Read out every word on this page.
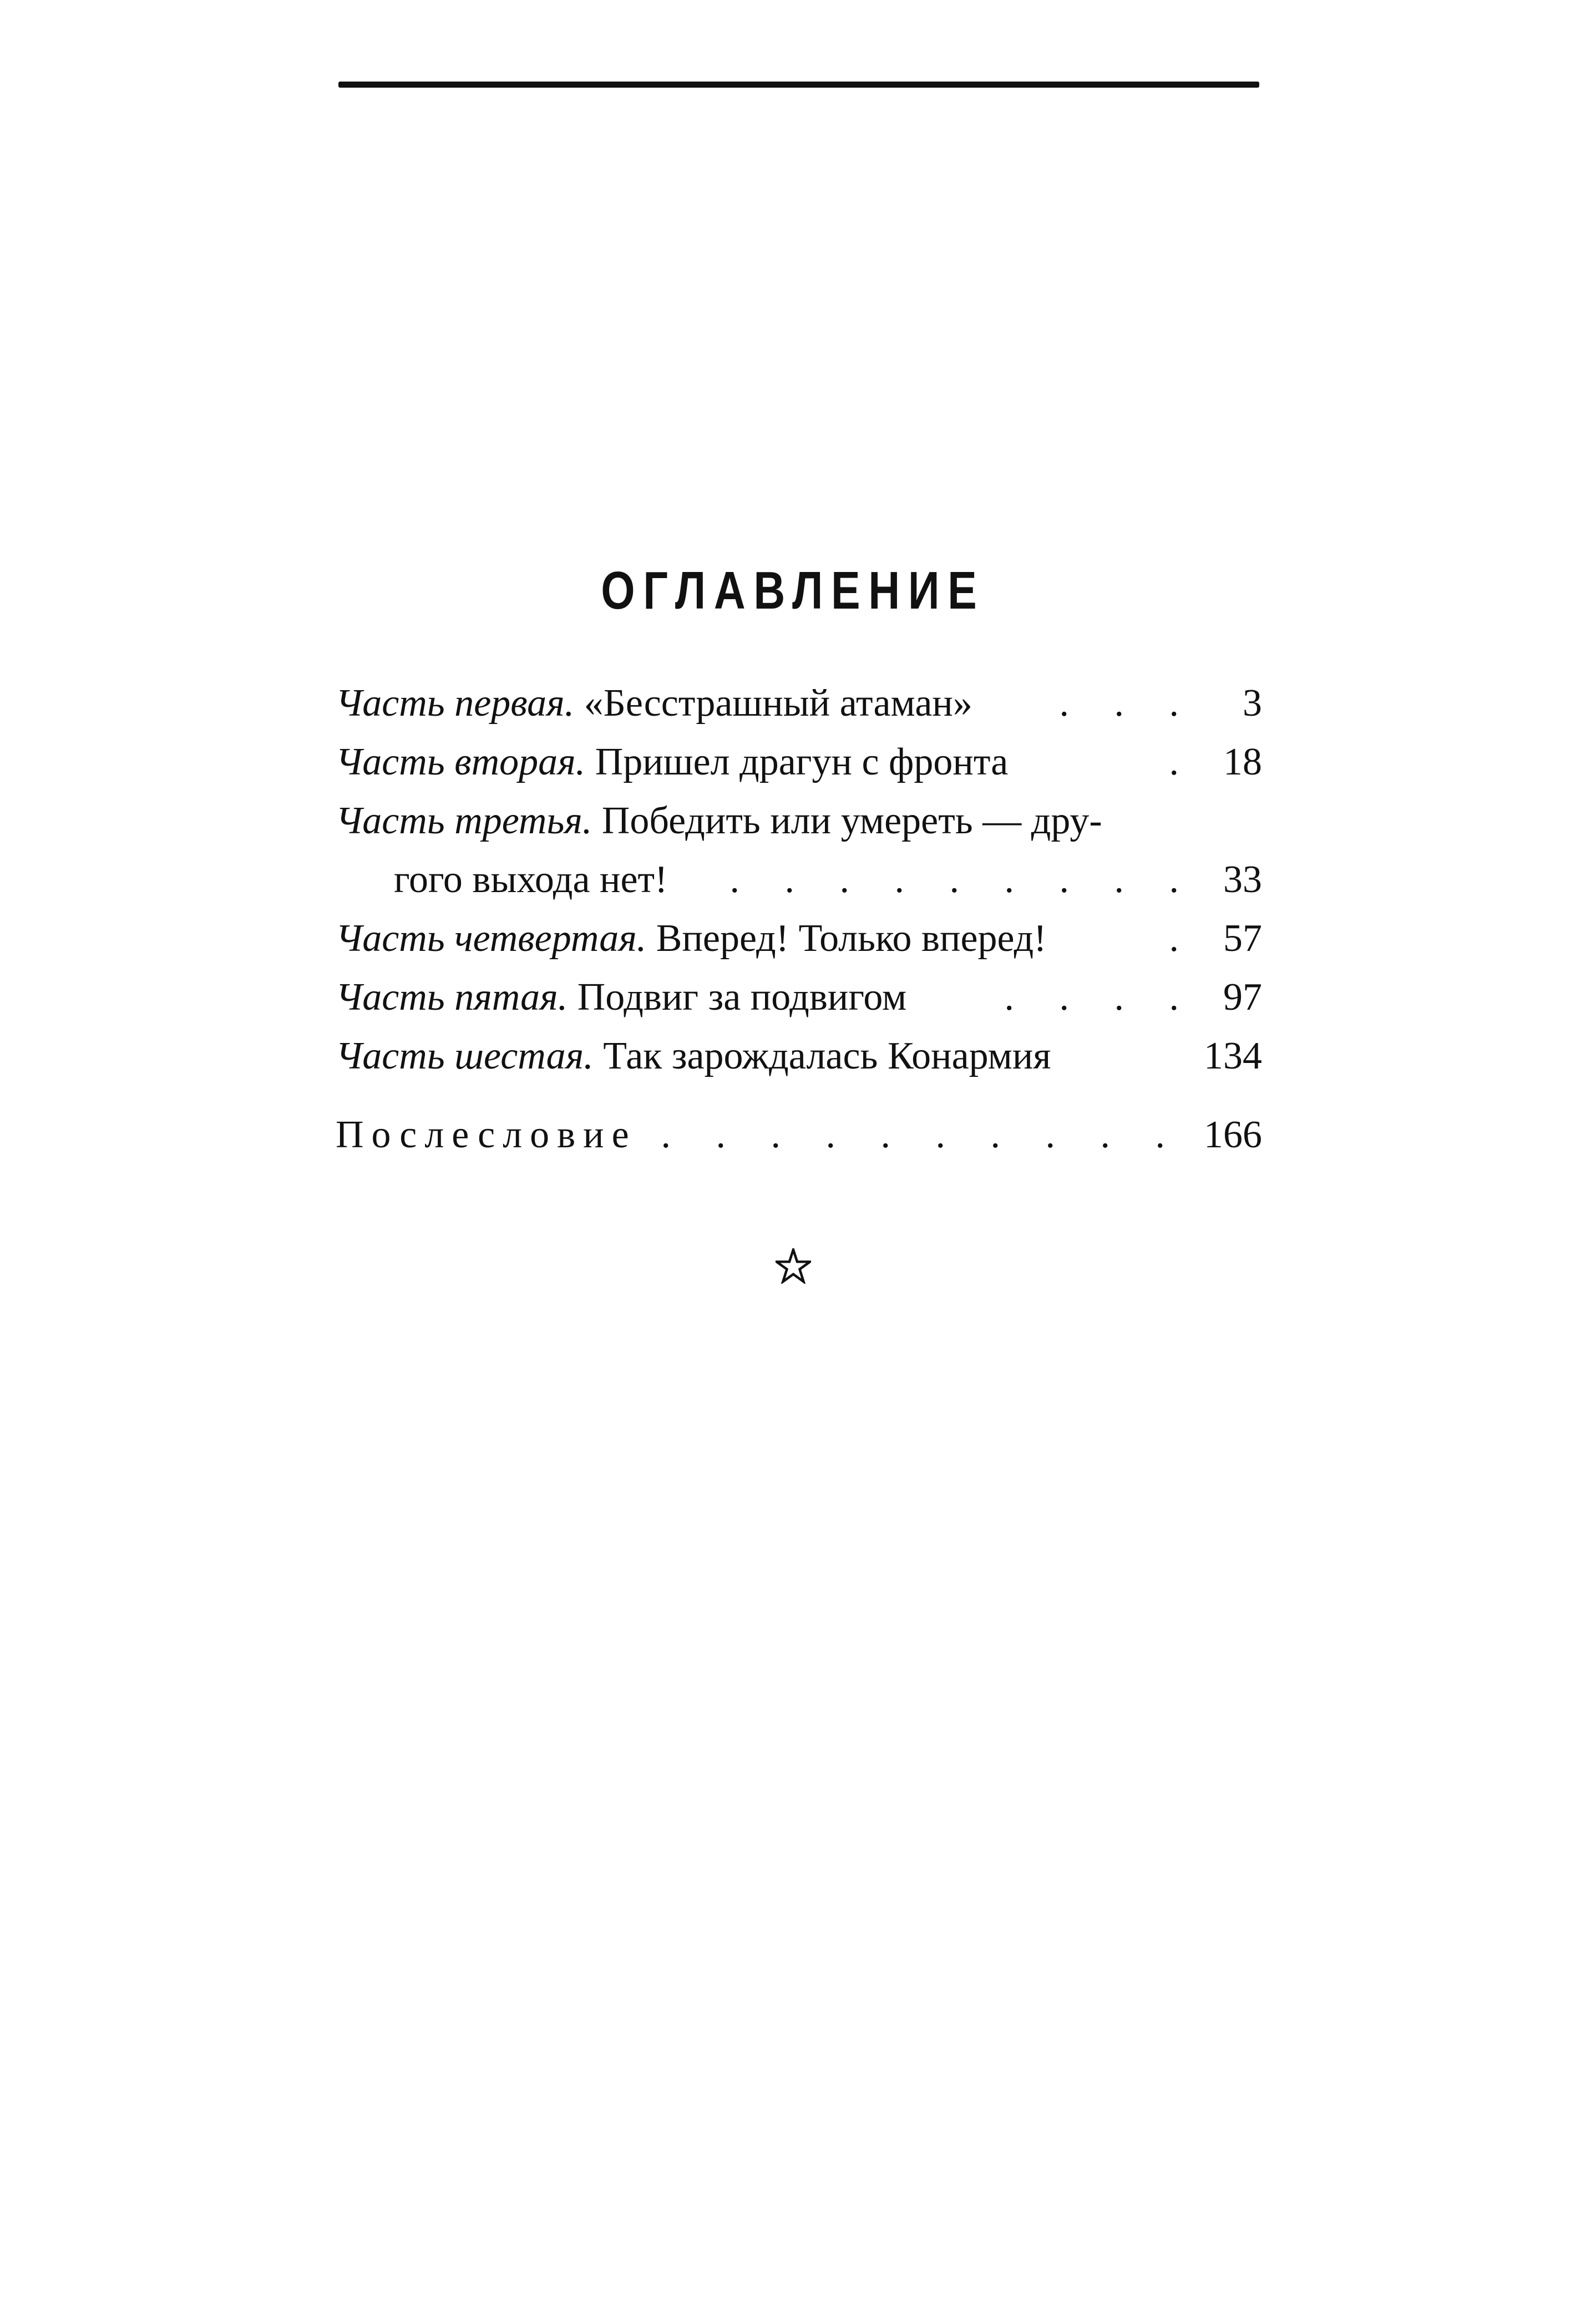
ОГЛАВЛЕНИЕ
Часть первая. «Бесстрашный атаман»	. . .	3
Часть вторая. Пришел драгун с фронта	. 18
Часть третья. Победить или умереть — дру-
гого выхода нет!	. . . . . . . . . 33
Часть четвертая. Вперед! Только вперед!	. 57
Часть пятая. Подвиг за подвигом	. . . . 97
Часть шестая. Так зарождалась Конармия	134
Послесловие . . . . . . . . . . 166
